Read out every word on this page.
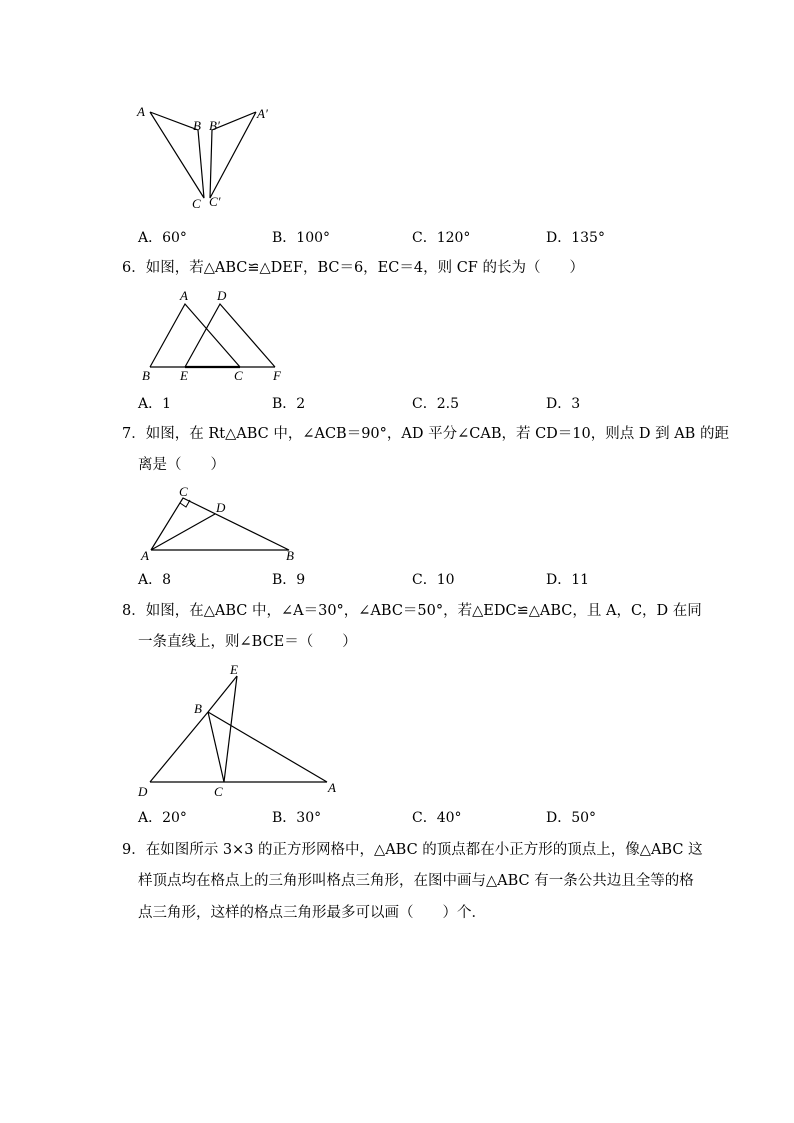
A
B
C
B′
A′
C′
A．60°	B．100°	C．120°	D．135°
6．如图，若△ABC≌△DEF，BC＝6，EC＝4，则 CF 的长为（　　）
A D
B E	C F
A．1	B．2	C．2.5	D．3
7．如图，在 Rt△ABC 中，∠ACB＝90°，AD 平分∠CAB，若 CD＝10，则点 D 到 AB 的距
离是（　　）
C
D
A	B
A．8	B．9	C．10	D．11
8．如图，在△ABC 中，∠A＝30°，∠ABC＝50°，若△EDC≌△ABC，且 A，C，D 在同
一条直线上，则∠BCE＝（　　）
E
B
D	C	A
A．20°	B．30°	C．40°	D．50°
9．在如图所示 3×3 的正方形网格中，△ABC 的顶点都在小正方形的顶点上，像△ABC 这
样顶点均在格点上的三角形叫格点三角形，在图中画与△ABC 有一条公共边且全等的格
点三角形，这样的格点三角形最多可以画（　　）个．
